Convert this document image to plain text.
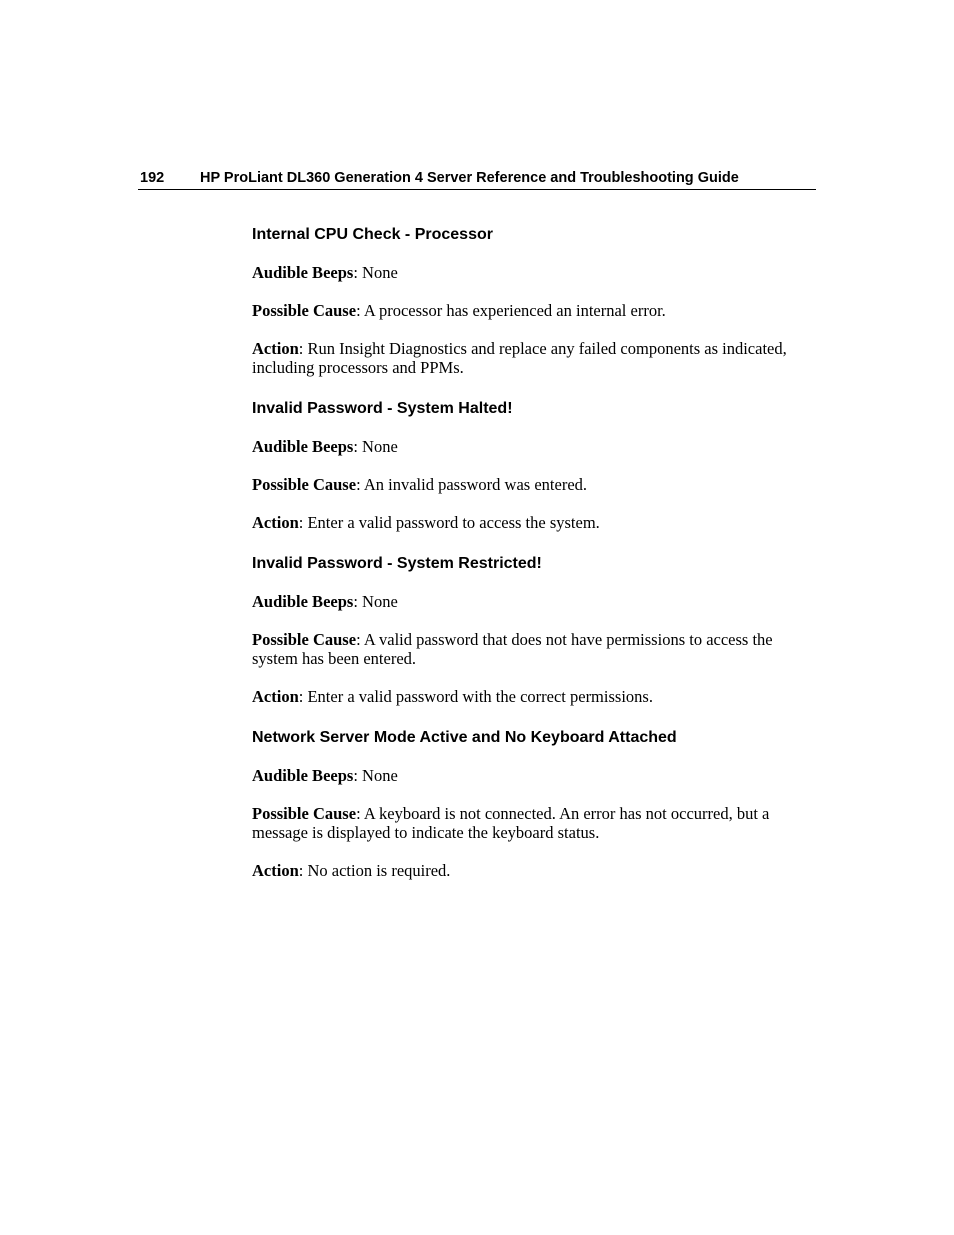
192 HP ProLiant DL360 Generation 4 Server Reference and Troubleshooting Guide
Internal CPU Check - Processor

Audible Beeps: None

Possible Cause: A processor has experienced an internal error.

Action: Run Insight Diagnostics and replace any failed components as indicated, including processors and PPMs.

Invalid Password - System Halted!

Audible Beeps: None

Possible Cause: An invalid password was entered.

Action: Enter a valid password to access the system.

Invalid Password - System Restricted!

Audible Beeps: None

Possible Cause: A valid password that does not have permissions to access the system has been entered.

Action: Enter a valid password with the correct permissions.

Network Server Mode Active and No Keyboard Attached

Audible Beeps: None

Possible Cause: A keyboard is not connected. An error has not occurred, but a message is displayed to indicate the keyboard status.

Action: No action is required.
